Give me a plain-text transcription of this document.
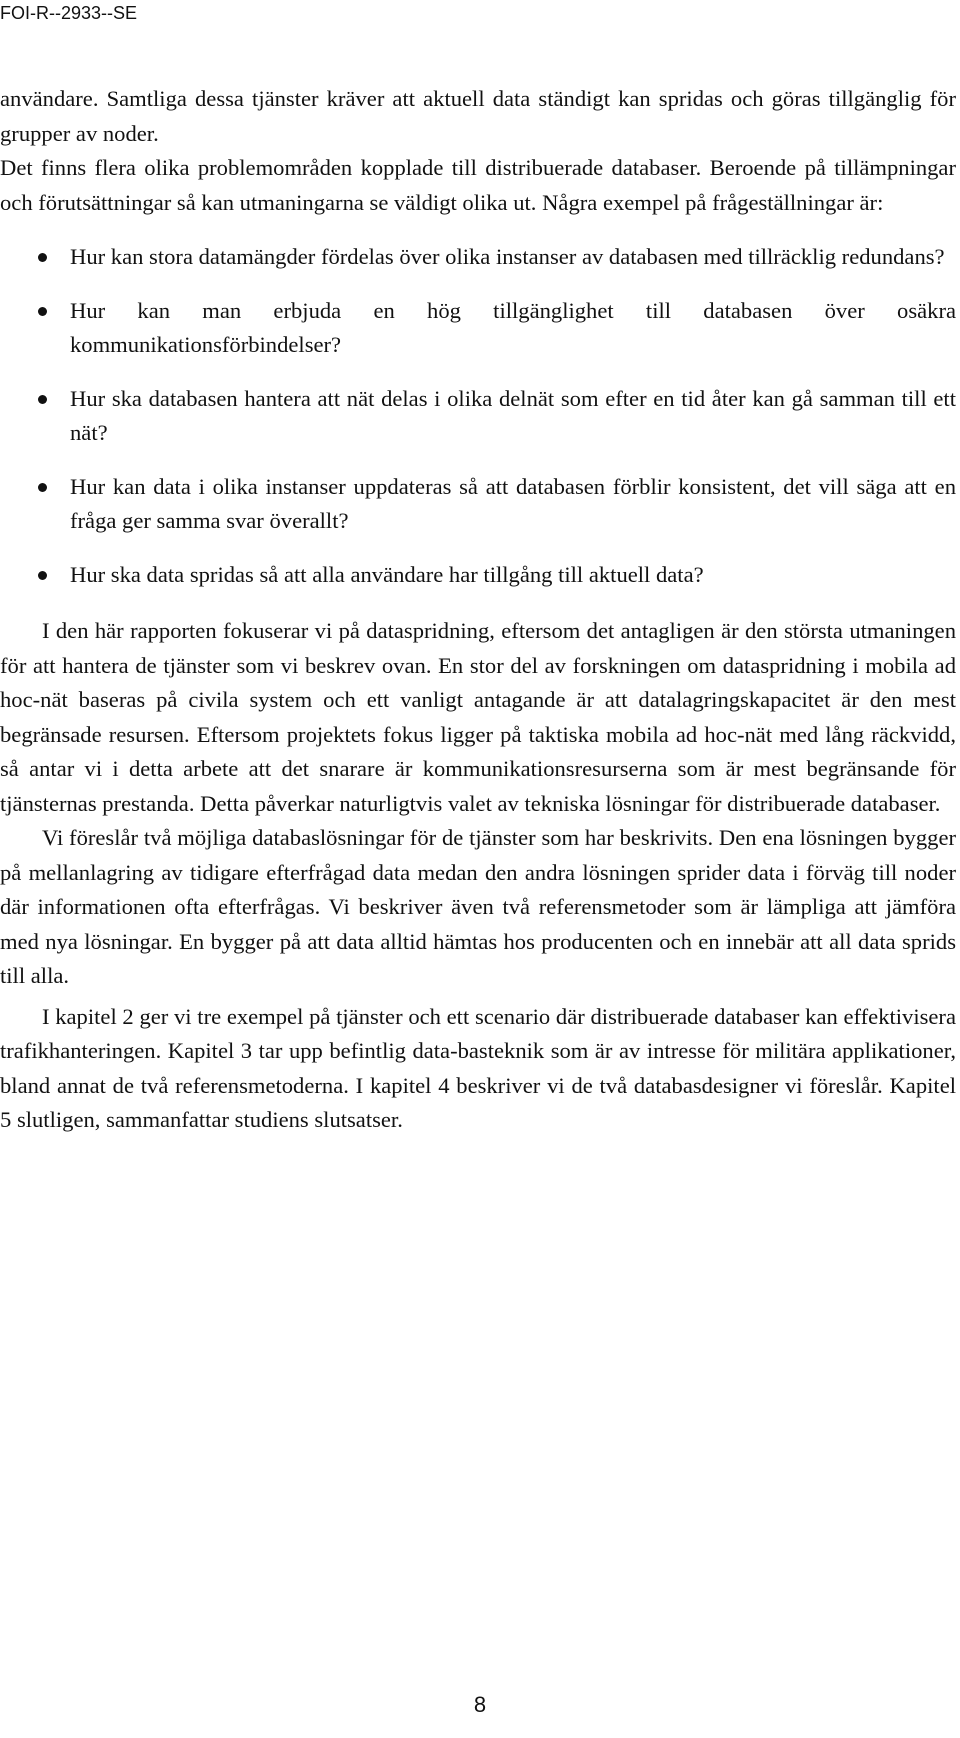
FOI-R--2933--SE

användare. Samtliga dessa tjänster kräver att aktuell data ständigt kan spridas och göras tillgänglig för grupper av noder.

Det finns flera olika problemområden kopplade till distribuerade databaser. Beroende på tillämpningar och förutsättningar så kan utmaningarna se väldigt olika ut. Några exempel på frågeställningar är:

Hur kan stora datamängder fördelas över olika instanser av databasen med tillräcklig redundans?
Hur kan man erbjuda en hög tillgänglighet till databasen över osäkra kommunikationsförbindelser?
Hur ska databasen hantera att nät delas i olika delnät som efter en tid åter kan gå samman till ett nät?
Hur kan data i olika instanser uppdateras så att databasen förblir konsistent, det vill säga att en fråga ger samma svar överallt?
Hur ska data spridas så att alla användare har tillgång till aktuell data?

I den här rapporten fokuserar vi på dataspridning, eftersom det antagligen är den största utmaningen för att hantera de tjänster som vi beskrev ovan. En stor del av forskningen om dataspridning i mobila ad hoc-nät baseras på civila system och ett vanligt antagande är att datalagringskapacitet är den mest begränsade resursen. Eftersom projektets fokus ligger på taktiska mobila ad hoc-nät med lång räckvidd, så antar vi i detta arbete att det snarare är kommunikationsresurserna som är mest begränsande för tjänsternas prestanda. Detta påverkar naturligtvis valet av tekniska lösningar för distribuerade databaser.

Vi föreslår två möjliga databaslösningar för de tjänster som har beskrivits. Den ena lösningen bygger på mellanlagring av tidigare efterfrågad data medan den andra lösningen sprider data i förväg till noder där informationen ofta efterfrågas. Vi beskriver även två referensmetoder som är lämpliga att jämföra med nya lösningar. En bygger på att data alltid hämtas hos producenten och en innebär att all data sprids till alla.

I kapitel 2 ger vi tre exempel på tjänster och ett scenario där distribuerade databaser kan effektivisera trafikhanteringen. Kapitel 3 tar upp befintlig data-basteknik som är av intresse för militära applikationer, bland annat de två referensmetoderna. I kapitel 4 beskriver vi de två databasdesigner vi föreslår. Kapitel 5 slutligen, sammanfattar studiens slutsatser.

8
